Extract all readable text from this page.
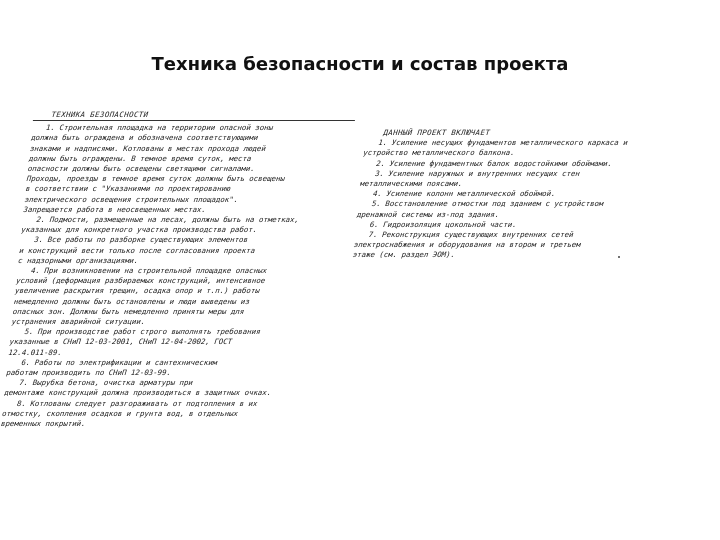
Техника безопасности и состав проекта
ТЕХНИКА БЕЗОПАСНОСТИ
1. Строительная площадка на территории опасной зоны
должна быть ограждена и обозначена соответствующими
знаками и надписями. Котлованы в местах прохода людей
должны быть ограждены. В темное время суток, места
опасности должны быть освещены светящими сигналами.
Проходы, проезды в темное время суток должны быть освещены
в соответствии с "Указаниями по проектированию
электрического освещения строительных площадок".
Запрещается работа в неосвещенных местах.
2. Подмости, размещенные на лесах, должны быть на отметках,
указанных для конкретного участка производства работ.
3. Все работы по разборке существующих элементов
и конструкций вести только после согласования проекта
с надзорными организациями.
4. При возникновении на строительной площадке опасных
условий (деформация разбираемых конструкций, интенсивное
увеличение раскрытия трещин, осадка опор и т.п.) работы
немедленно должны быть остановлены и люди выведены из
опасных зон. Должны быть немедленно приняты меры для
устранения аварийной ситуации.
5. При производстве работ строго выполнять требования
указанные в СНиП 12-03-2001, СНиП 12-04-2002, ГОСТ
12.4.011-89.
6. Работы по электрификации и сантехническим
работам производить по СНиП 12-03-99.
7. Вырубка бетона, очистка арматуры при
демонтаже конструкций должна производиться в защитных очках.
8. Котлованы следует разгораживать от подтопления в их
отмостку, скопления осадков и грунта вод, в отдельных
временных покрытий.
ДАННЫЙ ПРОЕКТ ВКЛЮЧАЕТ
1. Усиление несущих фундаментов металлического каркаса и
устройство металлического балкона.
2. Усиление фундаментных балок водостойкими обоймами.
3. Усиление наружных и внутренних несущих стен
металлическими поясами.
4. Усиление колонн металлической обоймой.
5. Восстановление отмостки под зданием с устройством
дренажной системы из-под здания.
6. Гидроизоляция цокольной части.
7. Реконструкция существующих внутренних сетей
электроснабжения и оборудования на втором и третьем
этаже (см. раздел ЭОМ).
